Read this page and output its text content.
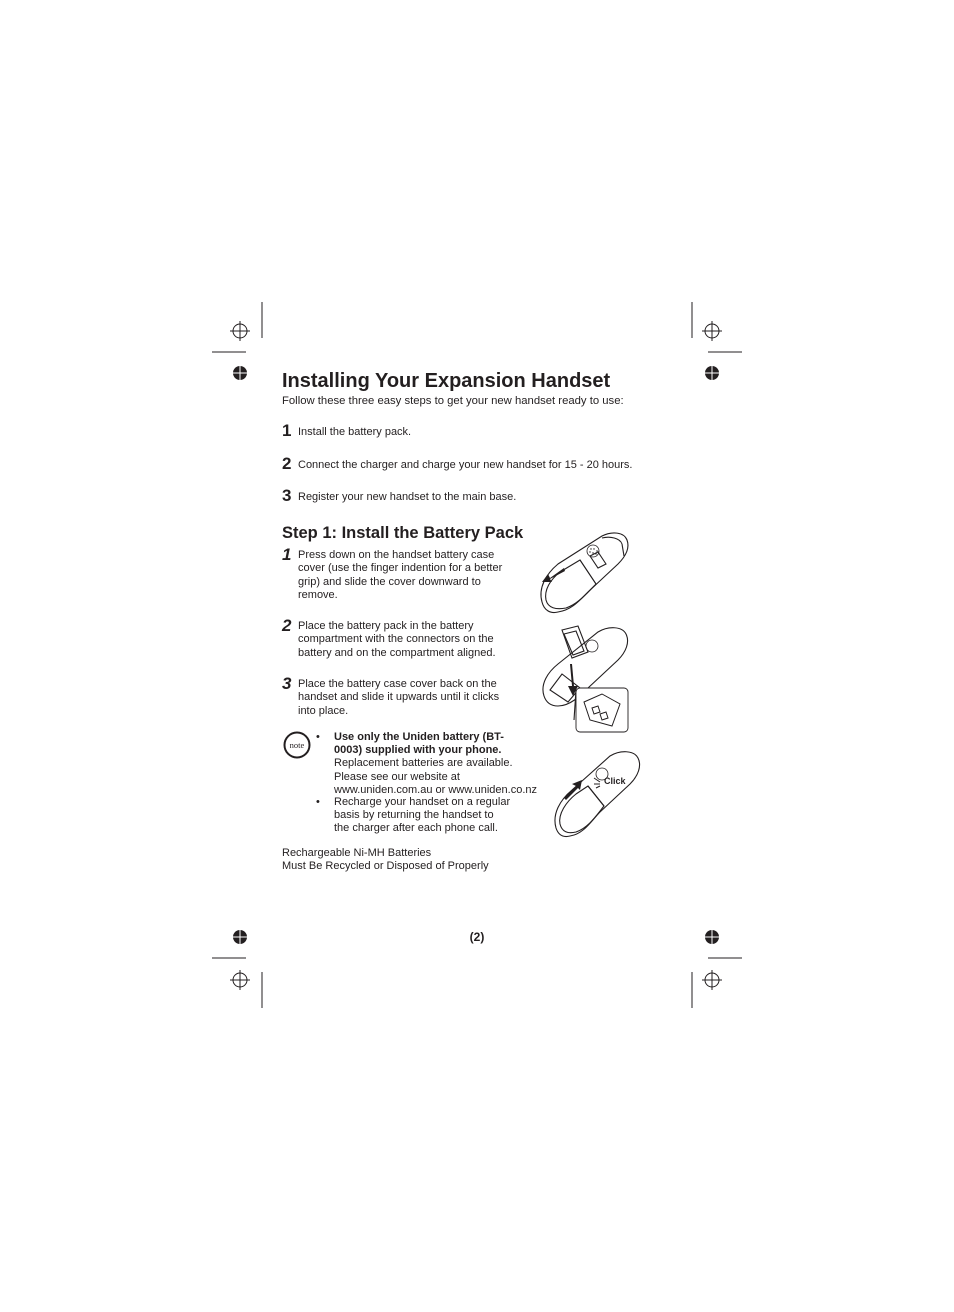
Installing Your Expansion Handset
Follow these three easy steps to get your new handset ready to use:
1 Install the battery pack.
2 Connect the charger and charge your new handset for 15 - 20 hours.
3 Register your new handset to the main base.
Step 1: Install the Battery Pack
1 Press down on the handset battery case
cover (use the finger indention for a better
grip) and slide the cover downward to
remove.
2 Place the battery pack in the battery
compartment with the connectors on the
battery and on the compartment aligned.
3 Place the battery case cover back on the
handset and slide it upwards until it clicks
into place.
note
• Use only the Uniden battery (BT-
0003) supplied with your phone.
Replacement batteries are available.
Please see our website at
www.uniden.com.au or www.uniden.co.nz
• Recharge your handset on a regular
basis by returning the handset to
the charger after each phone call.
Rechargeable Ni-MH Batteries
Must Be Recycled or Disposed of Properly
(2)
Click
